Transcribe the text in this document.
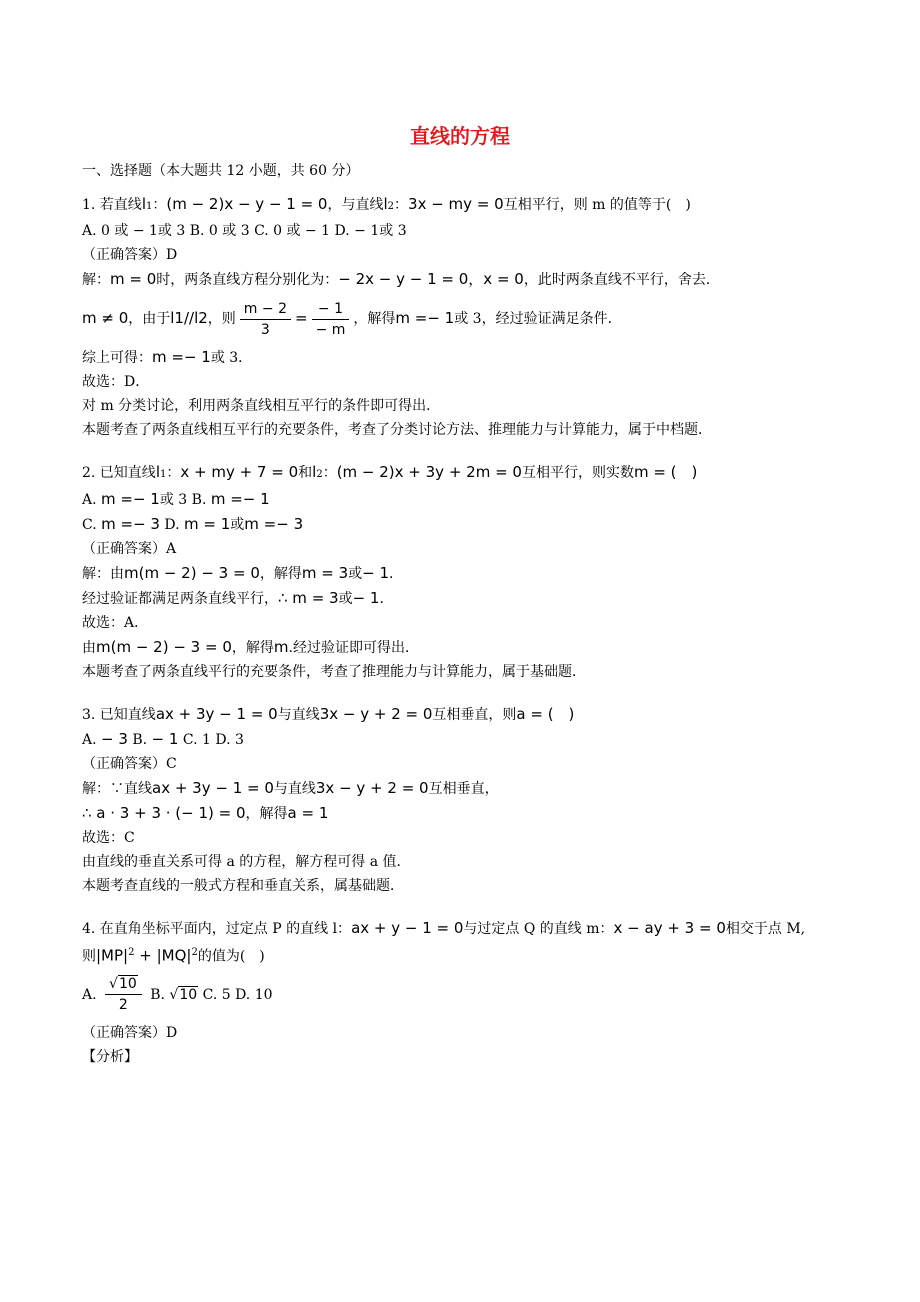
直线的方程
一、选择题（本大题共 12 小题，共 60 分）
1. 若直线l1：(m − 2)x − y − 1 = 0，与直线l2：3x − my = 0互相平行，则 m 的值等于(　)
A. 0 或 − 1或 3 B. 0 或 3 C. 0 或 − 1 D. − 1或 3
（正确答案）D
解：m = 0时，两条直线方程分别化为：− 2x − y − 1 = 0，x = 0，此时两条直线不平行，舍去．
m ≠ 0，由于l1//l2，则 $\frac{m - 2}{3} = \frac{- 1}{- m}$ ，解得m =− 1或 3，经过验证满足条件．
综上可得：m =− 1或 3．
故选：D．
对 m 分类讨论，利用两条直线相互平行的条件即可得出．
本题考查了两条直线相互平行的充要条件，考查了分类讨论方法、推理能力与计算能力，属于中档题．
2. 已知直线l1：x + my + 7 = 0和l2：(m − 2)x + 3y + 2m = 0互相平行，则实数m = (　)
A. m =− 1或 3 B. m =− 1
C. m =− 3 D. m = 1或m =− 3
（正确答案）A
解：由m(m − 2) − 3 = 0，解得m = 3或− 1．
经过验证都满足两条直线平行，∴ m = 3或− 1．
故选：A．
由m(m − 2) − 3 = 0，解得m.经过验证即可得出．
本题考查了两条直线平行的充要条件，考查了推理能力与计算能力，属于基础题．
3. 已知直线ax + 3y − 1 = 0与直线3x − y + 2 = 0互相垂直，则a = (　)
A. − 3 B. − 1 C. 1 D. 3
（正确答案）C
解：∵直线ax + 3y − 1 = 0与直线3x − y + 2 = 0互相垂直，
∴ a · 3 + 3 · (− 1) = 0，解得a = 1
故选：C
由直线的垂直关系可得 a 的方程，解方程可得 a 值．
本题考查直线的一般式方程和垂直关系，属基础题．
4. 在直角坐标平面内，过定点 P 的直线 l：ax + y − 1 = 0与过定点 Q 的直线 m：x − ay + 3 = 0相交于点 M,
则$|MP|^2 + |MQ|^2$的值为(　)
A. $\frac{√10}{2} B$. √10 C. 5 D. 10
（正确答案）D
【分析】
